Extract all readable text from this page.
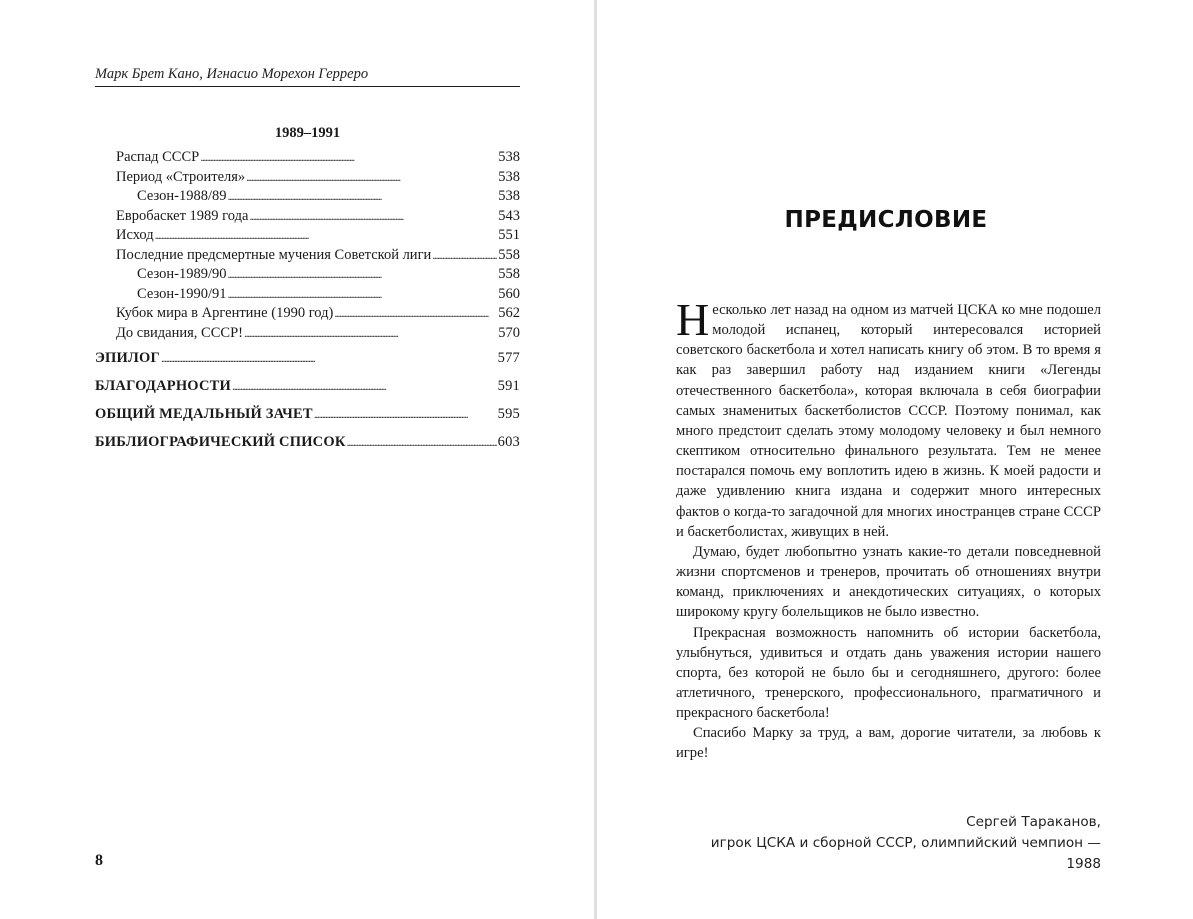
Марк Брет Кано, Игнасио Морехон Герреро
1989–1991
Распад СССР . . .	538
Период «Строителя» . . .	538
Сезон-1988/89 . . .	538
Евробаскет 1989 года . . .	543
Исход . . .	551
Последние предсмертные мучения Советской лиги . . .	558
Сезон-1989/90 . . .	558
Сезон-1990/91 . . .	560
Кубок мира в Аргентине (1990 год) . . .	562
До свидания, СССР! . . .	570
ЭПИЛОГ . . .	577
БЛАГОДАРНОСТИ . . .	591
ОБЩИЙ МЕДАЛЬНЫЙ ЗАЧЕТ . . .	595
БИБЛИОГРАФИЧЕСКИЙ СПИСОК . . .	603
8
ПРЕДИСЛОВИЕ

Несколько лет назад на одном из матчей ЦСКА ко мне подошел молодой испанец, который интересовался историей советского баскетбола и хотел написать книгу об этом. В то время я как раз завершил работу над изданием книги «Легенды отечественного баскетбола», которая включала в себя биографии самых знаменитых баскетболистов СССР. Поэтому понимал, как много предстоит сделать этому молодому человеку и был немного скептиком относительно финального результата. Тем не менее постарался помочь ему воплотить идею в жизнь. К моей радости и даже удивлению книга издана и содержит много интересных фактов о когда-то загадочной для многих иностранцев стране СССР и баскетболистах, живущих в ней.

Думаю, будет любопытно узнать какие-то детали повседневной жизни спортсменов и тренеров, прочитать об отношениях внутри команд, приключениях и анекдотических ситуациях, о которых широкому кругу болельщиков не было известно.

Прекрасная возможность напомнить об истории баскетбола, улыбнуться, удивиться и отдать дань уважения истории нашего спорта, без которой не было бы и сегодняшнего, другого: более атлетичного, тренерского, профессионального, прагматичного и прекрасного баскетбола!

Спасибо Марку за труд, а вам, дорогие читатели, за любовь к игре!

Сергей Тараканов,
игрок ЦСКА и сборной СССР, олимпийский чемпион — 1988
